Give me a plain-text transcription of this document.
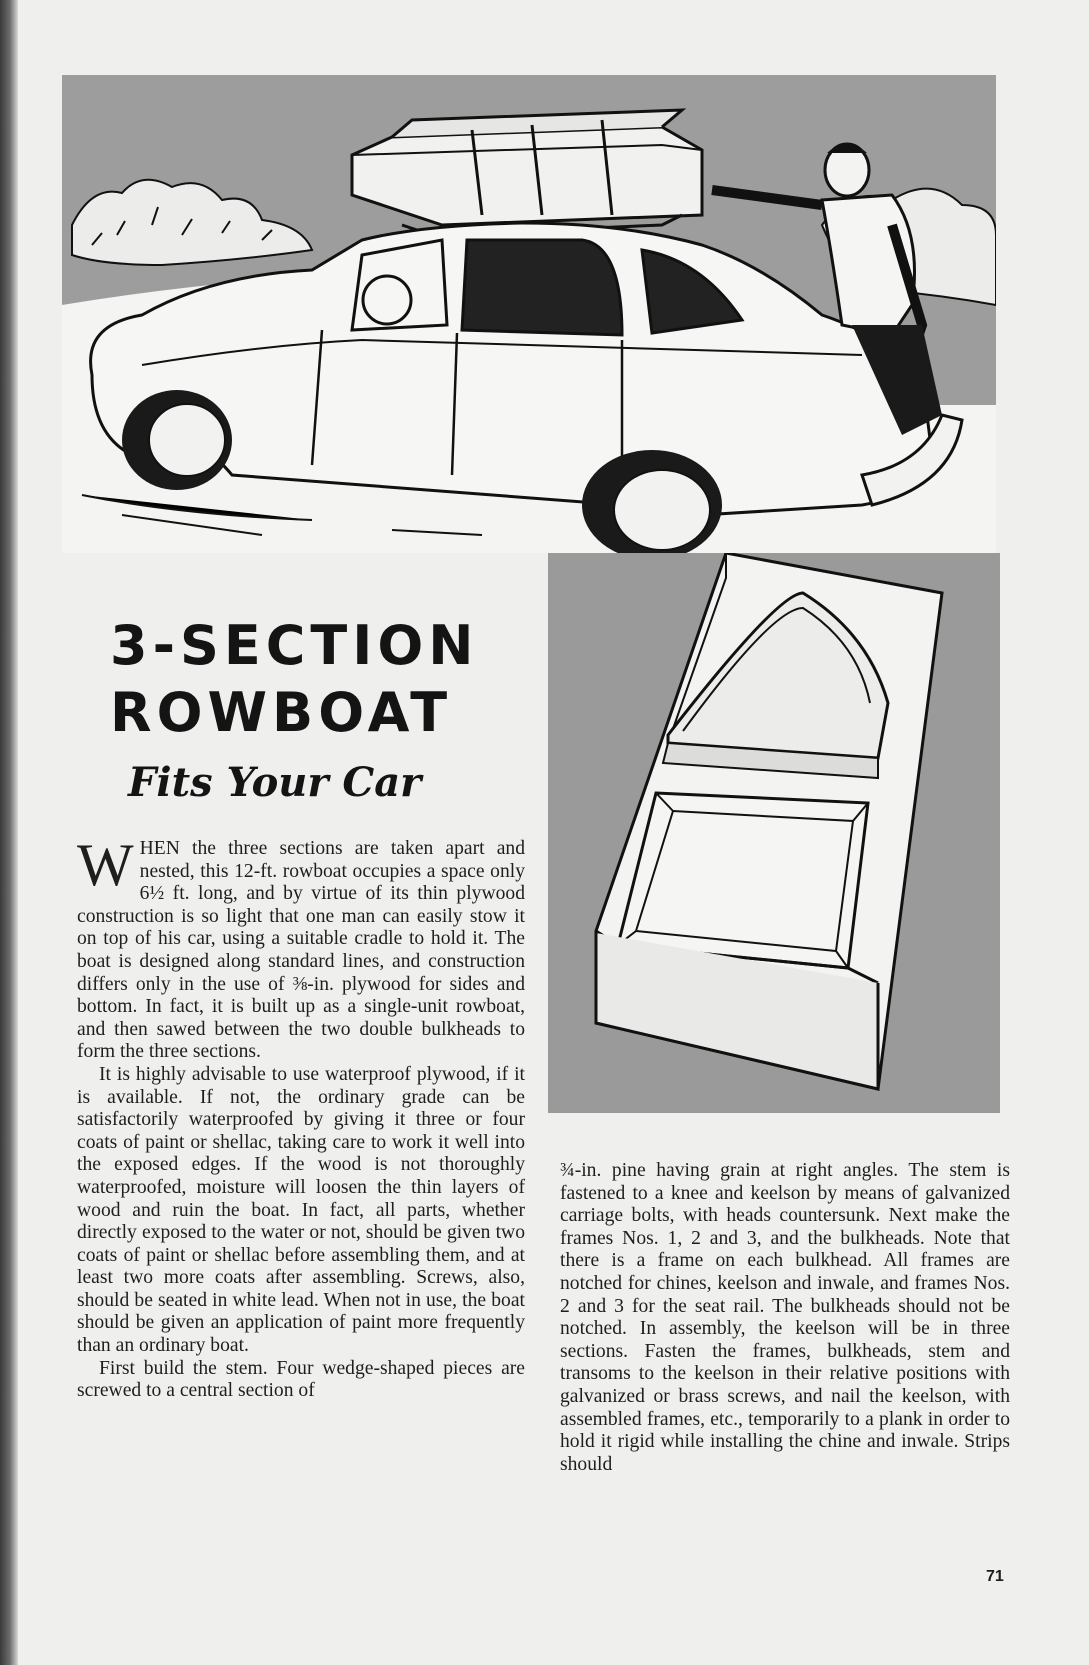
3-SECTION
ROWBOAT
Fits Your Car

WHEN the three sections are taken apart and nested, this 12-ft. rowboat occupies a space only 6½ ft. long, and by virtue of its thin plywood construction is so light that one man can easily stow it on top of his car, using a suitable cradle to hold it. The boat is designed along standard lines, and construction differs only in the use of ⅜-in. plywood for sides and bottom. In fact, it is built up as a single-unit rowboat, and then sawed between the two double bulkheads to form the three sections.

It is highly advisable to use waterproof plywood, if it is available. If not, the ordinary grade can be satisfactorily waterproofed by giving it three or four coats of paint or shellac, taking care to work it well into the exposed edges. If the wood is not thoroughly waterproofed, moisture will loosen the thin layers of wood and ruin the boat. In fact, all parts, whether directly exposed to the water or not, should be given two coats of paint or shellac before assembling them, and at least two more coats after assembling. Screws, also, should be seated in white lead. When not in use, the boat should be given an application of paint more frequently than an ordinary boat.

First build the stem. Four wedge-shaped pieces are screwed to a central section of

¾-in. pine having grain at right angles. The stem is fastened to a knee and keelson by means of galvanized carriage bolts, with heads countersunk. Next make the frames Nos. 1, 2 and 3, and the bulkheads. Note that there is a frame on each bulkhead. All frames are notched for chines, keelson and inwale, and frames Nos. 2 and 3 for the seat rail. The bulkheads should not be notched. In assembly, the keelson will be in three sections. Fasten the frames, bulkheads, stem and transoms to the keelson in their relative positions with galvanized or brass screws, and nail the keelson, with assembled frames, etc., temporarily to a plank in order to hold it rigid while installing the chine and inwale. Strips should

71
